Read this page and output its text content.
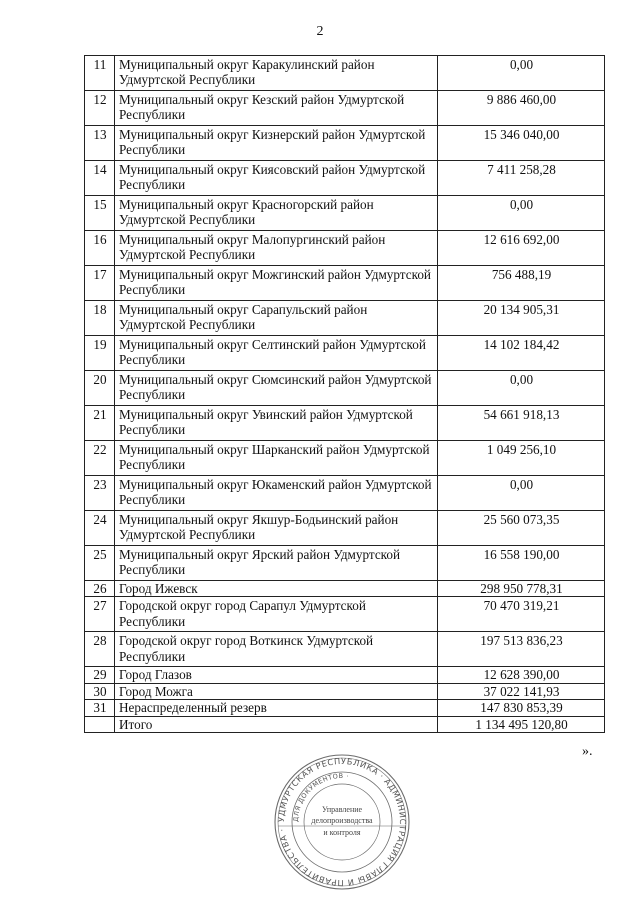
2
11	Муниципальный округ Каракулинский район Удмуртской Республики	0,00
12	Муниципальный округ Кезский район Удмуртской Республики	9 886 460,00
13	Муниципальный округ Кизнерский район Удмуртской Республики	15 346 040,00
14	Муниципальный округ Киясовский район Удмуртской Республики	7 411 258,28
15	Муниципальный округ Красногорский район Удмуртской Республики	0,00
16	Муниципальный округ Малопургинский район Удмуртской Республики	12 616 692,00
17	Муниципальный округ Можгинский район Удмуртской Республики	756 488,19
18	Муниципальный округ Сарапульский район Удмуртской Республики	20 134 905,31
19	Муниципальный округ Селтинский район Удмуртской Республики	14 102 184,42
20	Муниципальный округ Сюмсинский район Удмуртской Республики	0,00
21	Муниципальный округ Увинский район Удмуртской Республики	54 661 918,13
22	Муниципальный округ Шарканский район Удмуртской Республики	1 049 256,10
23	Муниципальный округ Юкаменский район Удмуртской Республики	0,00
24	Муниципальный округ Якшур-Бодьинский район Удмуртской Республики	25 560 073,35
25	Муниципальный округ Ярский район Удмуртской Республики	16 558 190,00
26	Город Ижевск	298 950 778,31
27	Городской округ город Сарапул Удмуртской Республики	70 470 319,21
28	Городской округ город Воткинск Удмуртской Республики	197 513 836,23
29	Город Глазов	12 628 390,00
30	Город Можга	37 022 141,93
31	Нераспределенный резерв	147 830 853,39
	Итого	1 134 495 120,80
».
УДМУРТСКАЯ РЕСПУБЛИКА · АДМИНИСТРАЦИЯ ГЛАВЫ И ПРАВИТЕЛЬСТВА ·
ДЛЯ ДОКУМЕНТОВ ·
Управление
делопроизводства
и контроля
